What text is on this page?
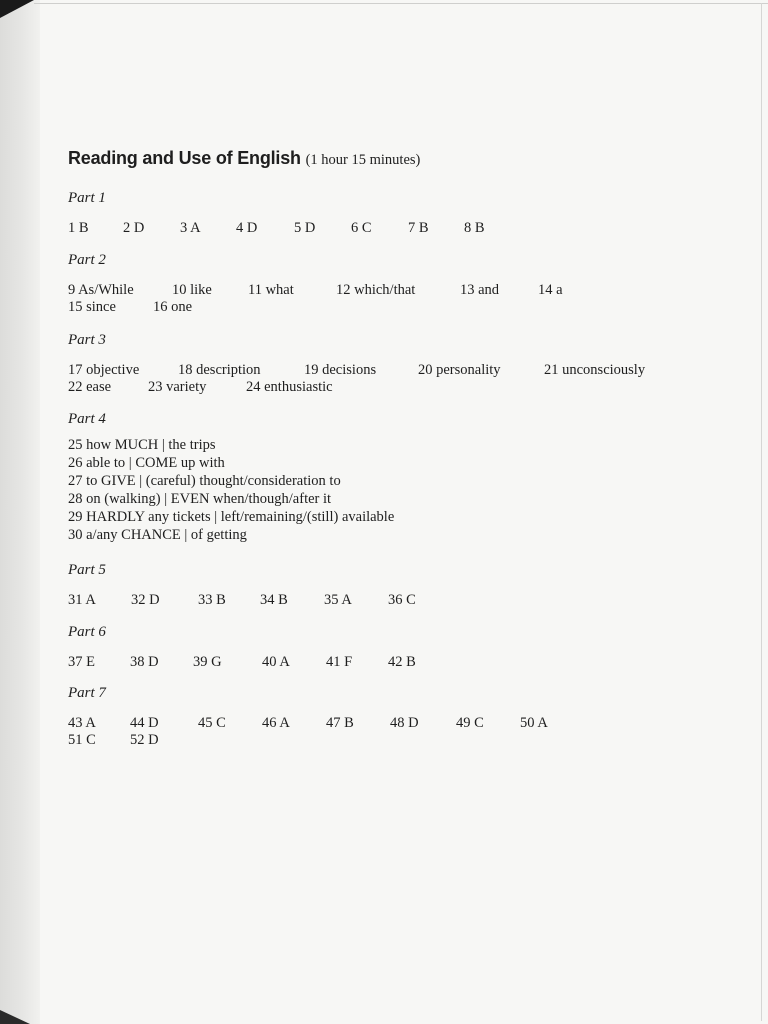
Reading and Use of English (1 hour 15 minutes)
Part 1
1 B 2 D 3 A 4 D	5 D 6 C	7 B 8 B
Part 2
9 As/While	10 like 11 what	12 which/that	13 and	14 a
15 since	16 one
Part 3
17 objective	18 description	19 decisions	20 personality	21 unconsciously
22 ease	23 variety	24 enthusiastic
Part 4
25 how MUCH | the trips
26 able to | COME up with
27 to GIVE | (careful) thought/consideration to
28 on (walking) | EVEN when/though/after it
29 HARDLY any tickets | left/remaining/(still) available
30 a/any CHANCE | of getting
Part 5
31 A 32 D	33 B 34 B 35 A 36 C
Part 6
37 E 38 D 39 G	40 A 41 F 42 B
Part 7
43 A 44 D	45 C 46 A 47 B 48 D	49 C 50 A
51 C 52 D
